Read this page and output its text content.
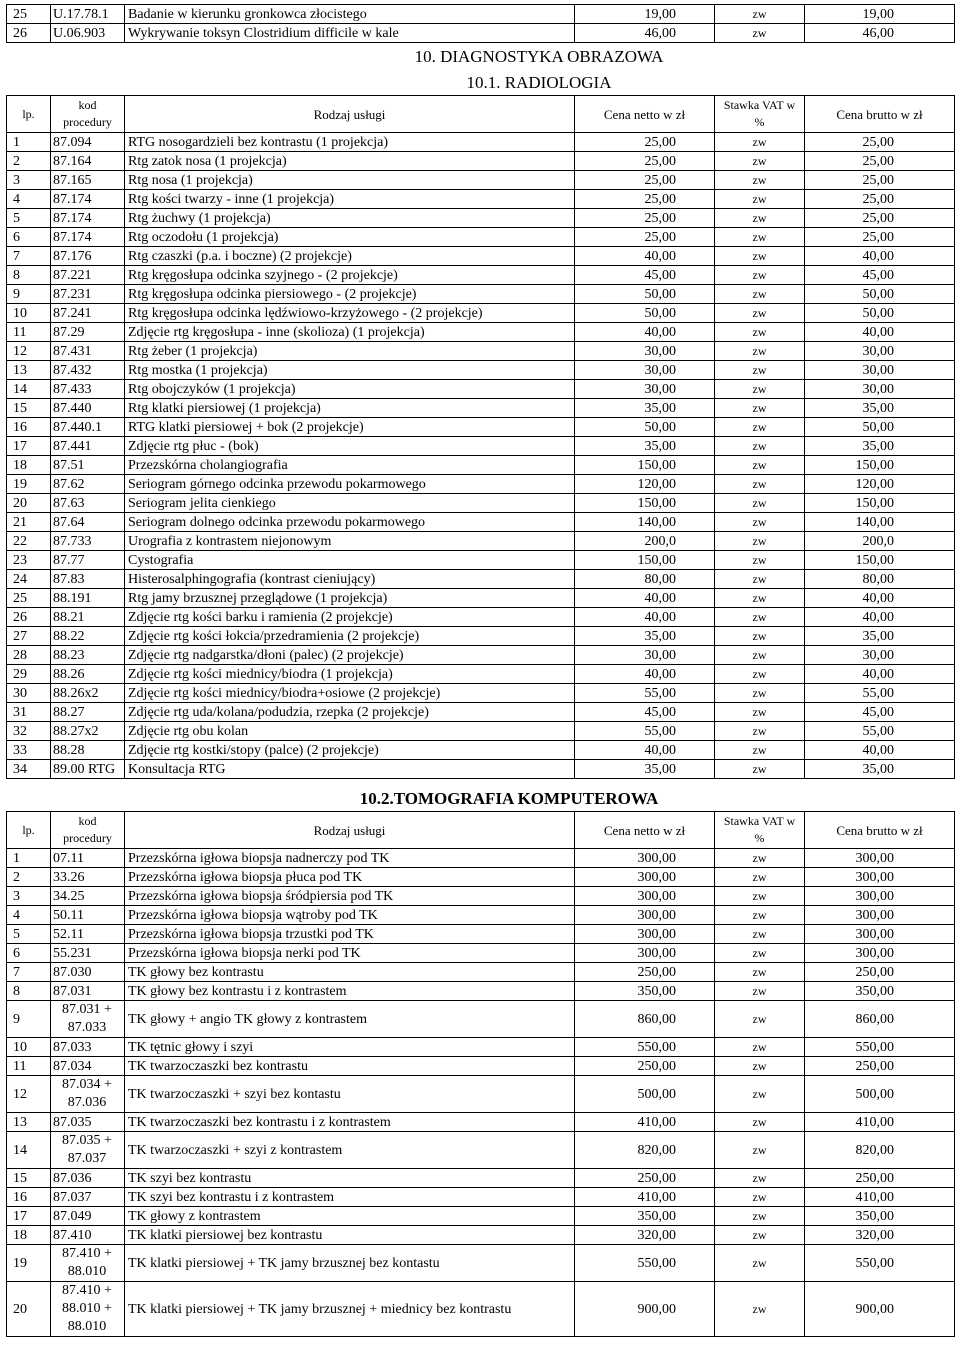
25	U.17.78.1	Badanie w kierunku gronkowca złocistego	19,00	zw	19,00
26	U.06.903	Wykrywanie toksyn Clostridium difficile w kale	46,00	zw	46,00
10. DIAGNOSTYKA OBRAZOWA					
10.1. RADIOLOGIA					
lp.	kod procedury	Rodzaj usługi	Cena netto w zł	Stawka VAT w %	Cena brutto w zł
1	87.094	RTG nosogardzieli bez kontrastu (1 projekcja)	25,00	zw	25,00
2	87.164	Rtg zatok nosa (1 projekcja)	25,00	zw	25,00
3	87.165	Rtg nosa (1 projekcja)	25,00	zw	25,00
4	87.174	Rtg kości twarzy - inne (1 projekcja)	25,00	zw	25,00
5	87.174	Rtg żuchwy (1 projekcja)	25,00	zw	25,00
6	87.174	Rtg oczodołu (1 projekcja)	25,00	zw	25,00
7	87.176	Rtg czaszki (p.a. i boczne) (2 projekcje)	40,00	zw	40,00
8	87.221	Rtg kręgosłupa odcinka szyjnego - (2 projekcje)	45,00	zw	45,00
9	87.231	Rtg kręgosłupa odcinka piersiowego - (2 projekcje)	50,00	zw	50,00
10	87.241	Rtg kręgosłupa odcinka lędźwiowo-krzyżowego - (2 projekcje)	50,00	zw	50,00
11	87.29	Zdjęcie rtg kręgosłupa - inne (skolioza) (1 projekcja)	40,00	zw	40,00
12	87.431	Rtg żeber (1 projekcja)	30,00	zw	30,00
13	87.432	Rtg mostka (1 projekcja)	30,00	zw	30,00
14	87.433	Rtg obojczyków (1 projekcja)	30,00	zw	30,00
15	87.440	Rtg klatki piersiowej (1 projekcja)	35,00	zw	35,00
16	87.440.1	RTG klatki piersiowej + bok (2 projekcje)	50,00	zw	50,00
17	87.441	Zdjęcie rtg płuc - (bok)	35,00	zw	35,00
18	87.51	Przezskórna cholangiografia	150,00	zw	150,00
19	87.62	Seriogram górnego odcinka przewodu pokarmowego	120,00	zw	120,00
20	87.63	Seriogram jelita cienkiego	150,00	zw	150,00
21	87.64	Seriogram dolnego odcinka przewodu pokarmowego	140,00	zw	140,00
22	87.733	Urografia z kontrastem niejonowym	200,0	zw	200,0
23	87.77	Cystografia	150,00	zw	150,00
24	87.83	Histerosalphingografia (kontrast cieniujący)	80,00	zw	80,00
25	88.191	Rtg jamy brzusznej przeglądowe (1 projekcja)	40,00	zw	40,00
26	88.21	Zdjęcie rtg kości barku i ramienia (2 projekcje)	40,00	zw	40,00
27	88.22	Zdjęcie rtg kości łokcia/przedramienia (2 projekcje)	35,00	zw	35,00
28	88.23	Zdjęcie rtg nadgarstka/dłoni (palec) (2 projekcje)	30,00	zw	30,00
29	88.26	Zdjęcie rtg kości miednicy/biodra (1 projekcja)	40,00	zw	40,00
30	88.26x2	Zdjęcie rtg kości miednicy/biodra+osiowe (2 projekcje)	55,00	zw	55,00
31	88.27	Zdjęcie rtg uda/kolana/podudzia, rzepka (2 projekcje)	45,00	zw	45,00
32	88.27x2	Zdjęcie rtg obu kolan	55,00	zw	55,00
33	88.28	Zdjęcie rtg kostki/stopy (palce) (2 projekcje)	40,00	zw	40,00
34	89.00 RTG	Konsultacja RTG	35,00	zw	35,00
10.2.TOMOGRAFIA KOMPUTEROWA					
lp.	kod procedury	Rodzaj usługi	Cena netto w zł	Stawka VAT w %	Cena brutto w zł
1	07.11	Przezskórna igłowa biopsja nadnerczy pod TK	300,00	zw	300,00
2	33.26	Przezskórna igłowa biopsja płuca pod TK	300,00	zw	300,00
3	34.25	Przezskórna igłowa biopsja śródpiersia pod TK	300,00	zw	300,00
4	50.11	Przezskórna igłowa biopsja wątroby pod TK	300,00	zw	300,00
5	52.11	Przezskórna igłowa biopsja trzustki pod TK	300,00	zw	300,00
6	55.231	Przezskórna igłowa biopsja nerki pod TK	300,00	zw	300,00
7	87.030	TK głowy bez kontrastu	250,00	zw	250,00
8	87.031	TK głowy bez kontrastu i z kontrastem	350,00	zw	350,00
9	87.031 + 87.033	TK głowy + angio TK głowy z kontrastem	860,00	zw	860,00
10	87.033	TK tętnic głowy i szyi	550,00	zw	550,00
11	87.034	TK twarzoczaszki bez kontrastu	250,00	zw	250,00
12	87.034 + 87.036	TK twarzoczaszki + szyi bez kontastu	500,00	zw	500,00
13	87.035	TK twarzoczaszki bez kontrastu i z kontrastem	410,00	zw	410,00
14	87.035 + 87.037	TK twarzoczaszki + szyi z kontrastem	820,00	zw	820,00
15	87.036	TK szyi bez kontrastu	250,00	zw	250,00
16	87.037	TK szyi bez kontrastu i z kontrastem	410,00	zw	410,00
17	87.049	TK głowy z kontrastem	350,00	zw	350,00
18	87.410	TK klatki piersiowej bez kontrastu	320,00	zw	320,00
19	87.410 + 88.010	TK klatki piersiowej + TK jamy brzusznej bez kontastu	550,00	zw	550,00
20	87.410 + 88.010 + 88.010	TK klatki piersiowej + TK jamy brzusznej + miednicy bez kontrastu	900,00	zw	900,00
